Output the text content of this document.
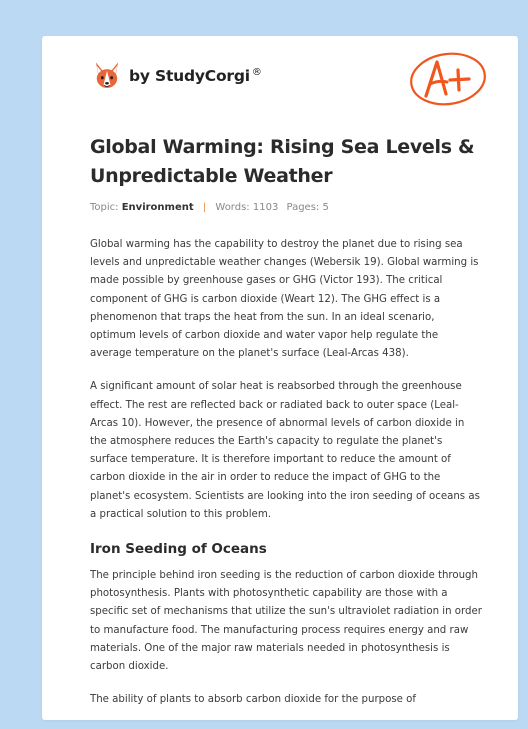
by StudyCorgi ®
Global Warming: Rising Sea Levels & Unpredictable Weather
Topic: Environment | Words: 1103 Pages: 5

Global warming has the capability to destroy the planet due to rising sea levels and unpredictable weather changes (Webersik 19). Global warming is made possible by greenhouse gases or GHG (Victor 193). The critical component of GHG is carbon dioxide (Weart 12). The GHG effect is a phenomenon that traps the heat from the sun. In an ideal scenario, optimum levels of carbon dioxide and water vapor help regulate the average temperature on the planet's surface (Leal-Arcas 438).

A significant amount of solar heat is reabsorbed through the greenhouse effect. The rest are reflected back or radiated back to outer space (Leal-Arcas 10). However, the presence of abnormal levels of carbon dioxide in the atmosphere reduces the Earth's capacity to regulate the planet's surface temperature. It is therefore important to reduce the amount of carbon dioxide in the air in order to reduce the impact of GHG to the planet's ecosystem. Scientists are looking into the iron seeding of oceans as a practical solution to this problem.

Iron Seeding of Oceans

The principle behind iron seeding is the reduction of carbon dioxide through photosynthesis. Plants with photosynthetic capability are those with a specific set of mechanisms that utilize the sun's ultraviolet radiation in order to manufacture food. The manufacturing process requires energy and raw materials. One of the major raw materials needed in photosynthesis is carbon dioxide.

The ability of plants to absorb carbon dioxide for the purpose of
